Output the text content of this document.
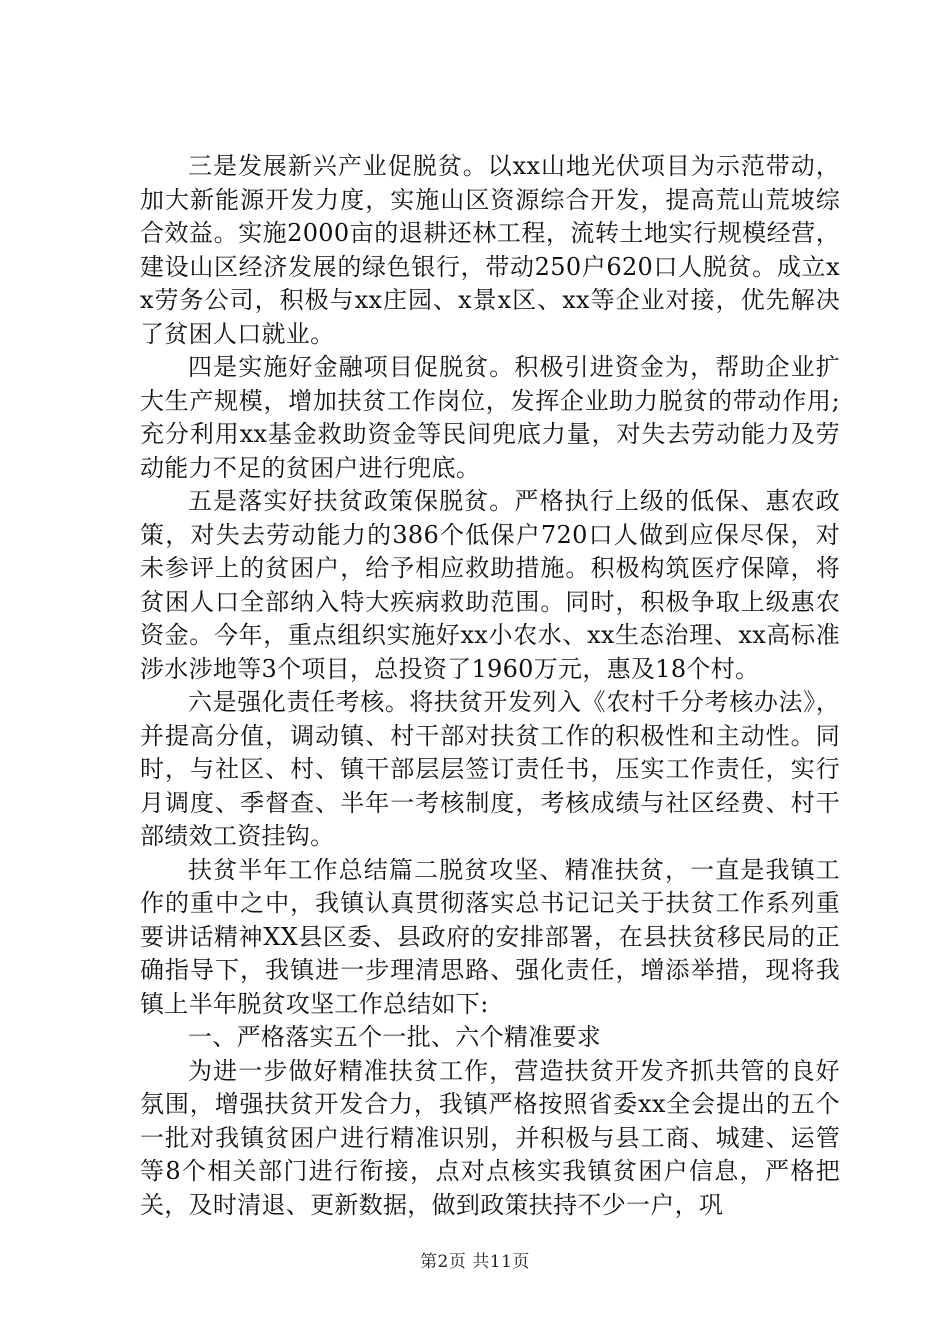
三是发展新兴产业促脱贫。以xx山地光伏项目为示范带动，加大新能源开发力度，实施山区资源综合开发，提高荒山荒坡综合效益。实施2000亩的退耕还林工程，流转土地实行规模经营，建设山区经济发展的绿色银行，带动250户620口人脱贫。成立xx劳务公司，积极与xx庄园、x景x区、xx等企业对接，优先解决了贫困人口就业。

四是实施好金融项目促脱贫。积极引进资金为，帮助企业扩大生产规模，增加扶贫工作岗位，发挥企业助力脱贫的带动作用;充分利用xx基金救助资金等民间兜底力量，对失去劳动能力及劳动能力不足的贫困户进行兜底。

五是落实好扶贫政策保脱贫。严格执行上级的低保、惠农政策，对失去劳动能力的386个低保户720口人做到应保尽保，对未参评上的贫困户，给予相应救助措施。积极构筑医疗保障，将贫困人口全部纳入特大疾病救助范围。同时，积极争取上级惠农资金。今年，重点组织实施好xx小农水、xx生态治理、xx高标准涉水涉地等3个项目，总投资了1960万元，惠及18个村。

六是强化责任考核。将扶贫开发列入《农村千分考核办法》，并提高分值，调动镇、村干部对扶贫工作的积极性和主动性。同时，与社区、村、镇干部层层签订责任书，压实工作责任，实行月调度、季督查、半年一考核制度，考核成绩与社区经费、村干部绩效工资挂钩。

扶贫半年工作总结篇二脱贫攻坚、精准扶贫，一直是我镇工作的重中之中，我镇认真贯彻落实总书记记关于扶贫工作系列重要讲话精神XX县区委、县政府的安排部署，在县扶贫移民局的正确指导下，我镇进一步理清思路、强化责任，增添举措，现将我镇上半年脱贫攻坚工作总结如下:

一、严格落实五个一批、六个精准要求

为进一步做好精准扶贫工作，营造扶贫开发齐抓共管的良好氛围，增强扶贫开发合力，我镇严格按照省委xx全会提出的五个一批对我镇贫困户进行精准识别，并积极与县工商、城建、运管等8个相关部门进行衔接，点对点核实我镇贫困户信息，严格把关，及时清退、更新数据，做到政策扶持不少一户，巩

第2页 共11页
